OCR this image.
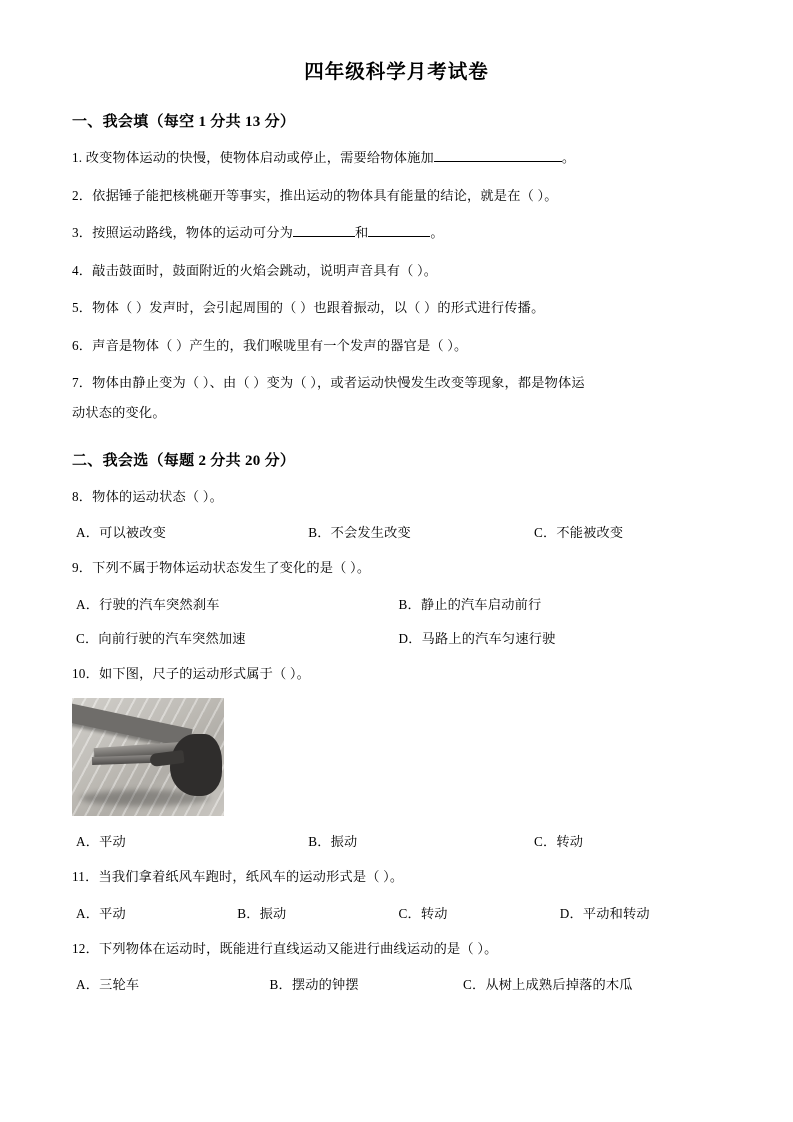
四年级科学月考试卷
一、我会填（每空 1 分共 13 分）
1. 改变物体运动的快慢，使物体启动或停止，需要给物体施加	。
2．依据锤子能把核桃砸开等事实，推出运动的物体具有能量的结论，就是在（ ）。
3．按照运动路线，物体的运动可分为	和	。
4．敲击鼓面时，鼓面附近的火焰会跳动，说明声音具有（ ）。
5．物体（ ）发声时，会引起周围的（ ）也跟着振动，以（ ）的形式进行传播。
6．声音是物体（ ）产生的，我们喉咙里有一个发声的器官是（ ）。
7．物体由静止变为（ ）、由（ ）变为（ ），或者运动快慢发生改变等现象，都是物体运
动状态的变化。
二、我会选（每题 2 分共 20 分）
8．物体的运动状态（ ）。
A．可以被改变	B．不会发生改变	C．不能被改变
9．下列不属于物体运动状态发生了变化的是（ ）。
A．行驶的汽车突然刹车	B．静止的汽车启动前行
C．向前行驶的汽车突然加速	D．马路上的汽车匀速行驶
10．如下图，尺子的运动形式属于（ ）。
A．平动	B．振动	C．转动
11．当我们拿着纸风车跑时，纸风车的运动形式是（ ）。
A．平动	B．振动	C．转动	D．平动和转动
12．下列物体在运动时，既能进行直线运动又能进行曲线运动的是（ ）。
A．三轮车	B．摆动的钟摆	C．从树上成熟后掉落的木瓜
